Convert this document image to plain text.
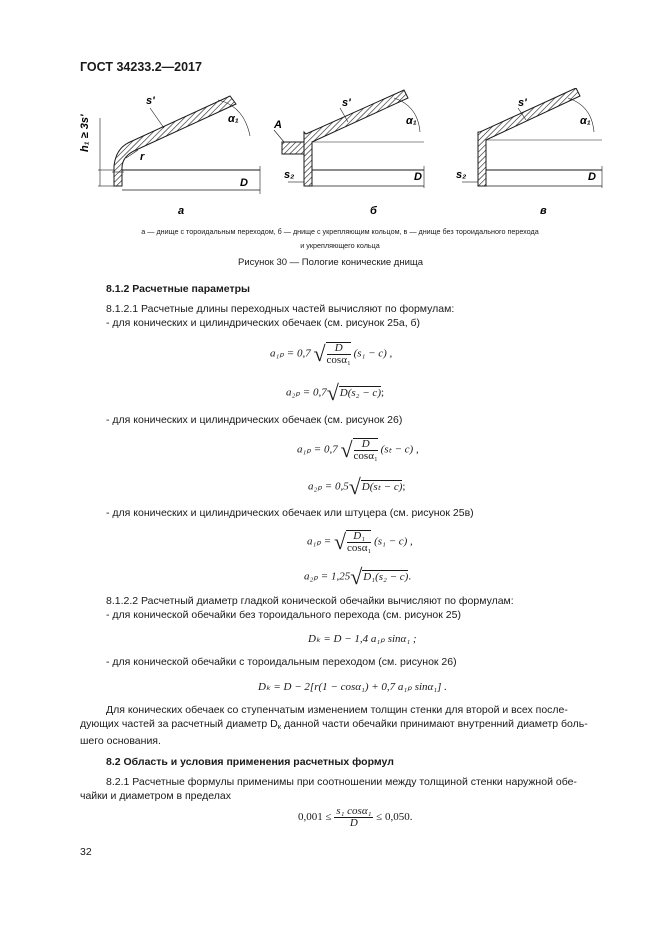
ГОСТ 34233.2—2017
s'
h₁ ≥ 3s'
r
α₁
D
а
s'
А
s₂
α₁
D
б
s'
s₂
α₁
D
в
а — днище с тороидальным переходом, б — днище с укрепляющим кольцом, в — днище без тороидального перехода
и укрепляющего кольца
Рисунок 30 — Пологие конические днища
8.1.2 Расчетные параметры
8.1.2.1 Расчетные длины переходных частей вычисляют по формулам:
- для конических и цилиндрических обечаек (см. рисунок 25а, б)
a₁ₚ = 0,7 √ $\frac{D}{\text{cosα₁}} (s_1 - c)$ ,
a₂ₚ = 0,7√D(s₂ − c);
- для конических и цилиндрических обечаек (см. рисунок 26)
a₁ₚ = 0,7 √ $\frac{D}{\text{cosα₁}} (s_t - c)$ ,
a₂ₚ = 0,5√D(sₜ − c);
- для конических и цилиндрических обечаек или штуцера (см. рисунок 25в)
a₁ₚ = √ $\frac{\text{D₁}}{\text{cosα₁}} (s_1 - c)$ ,
a₂ₚ = 1,25√D₁(s₂ − c).
8.1.2.2 Расчетный диаметр гладкой конической обечайки вычисляют по формулам:
- для конической обечайки без тороидального перехода (см. рисунок 25)
Dₖ = D − 1,4 a₁ₚ sinα₁ ;
- для конической обечайки с тороидальным переходом (см. рисунок 26)
Dₖ = D − 2[r(1 − cosα₁) + 0,7 a₁ₚ sinα₁] .
Для конических обечаек со ступенчатым изменением толщин стенки для второй и всех после-
дующих частей за расчетный диаметр $D_к$ данной части обечайки принимают внутренний диаметр боль-
шего основания.
8.2 Область и условия применения расчетных формул
8.2.1 Расчетные формулы применимы при соотношении между толщиной стенки наружной обе-
чайки и диаметром в пределах
$0,001 \le \frac{\text{s₁ cosα₁}}{D} \le 0,050$.
32
